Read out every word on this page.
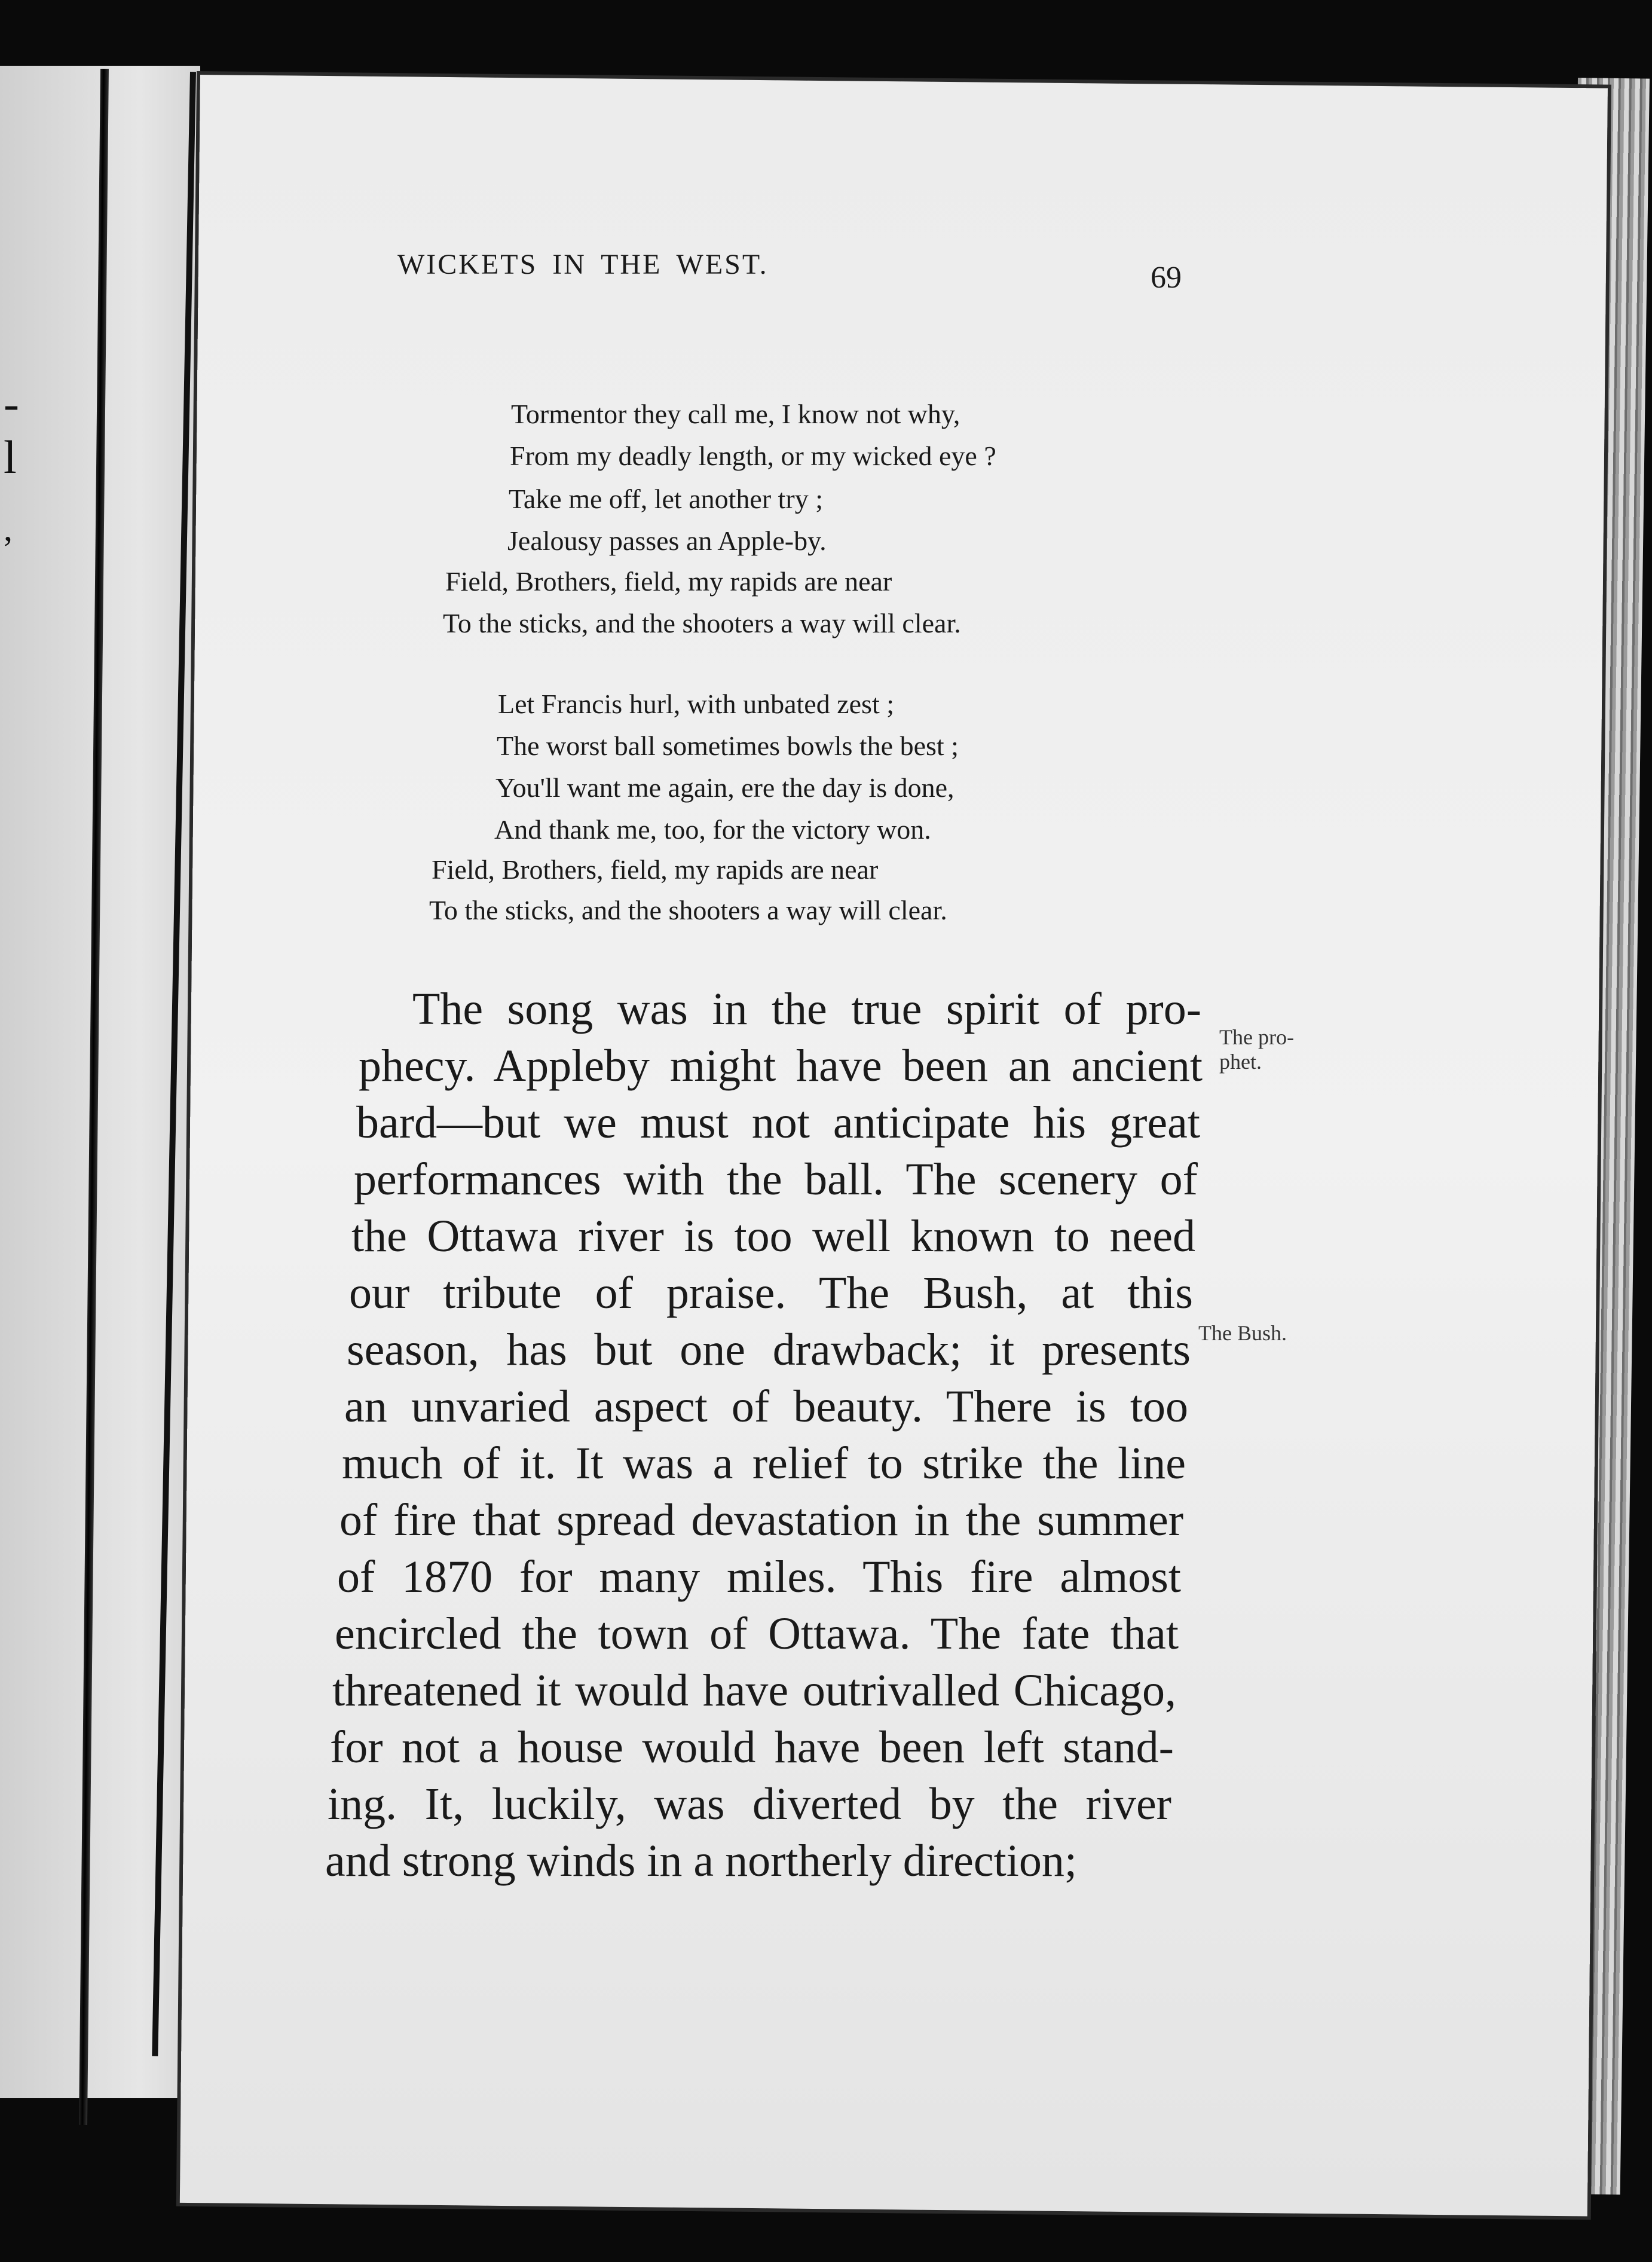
-
l
,
WICKETS IN THE WEST.	69
Tormentor they call me, I know not why,
From my deadly length, or my wicked eye ?
Take me off, let another try ;
Jealousy passes an Apple-by.
Field, Brothers, field, my rapids are near
To the sticks, and the shooters a way will clear.
Let Francis hurl, with unbated zest ;
The worst ball sometimes bowls the best ;
You'll want me again, ere the day is done,
And thank me, too, for the victory won.
Field, Brothers, field, my rapids are near
To the sticks, and the shooters a way will clear.
The song was in the true spirit of pro-
phecy. Appleby might have been an ancient
bard—but we must not anticipate his great
performances with the ball. The scenery of
the Ottawa river is too well known to need
our tribute of praise. The Bush, at this
season, has but one drawback; it presents
an unvaried aspect of beauty. There is too
much of it. It was a relief to strike the line
of fire that spread devastation in the summer
of 1870 for many miles. This fire almost
encircled the town of Ottawa. The fate that
threatened it would have outrivalled Chicago,
for not a house would have been left stand-
ing. It, luckily, was diverted by the river
and strong winds in a northerly direction;
The pro-
phet.
The Bush.
